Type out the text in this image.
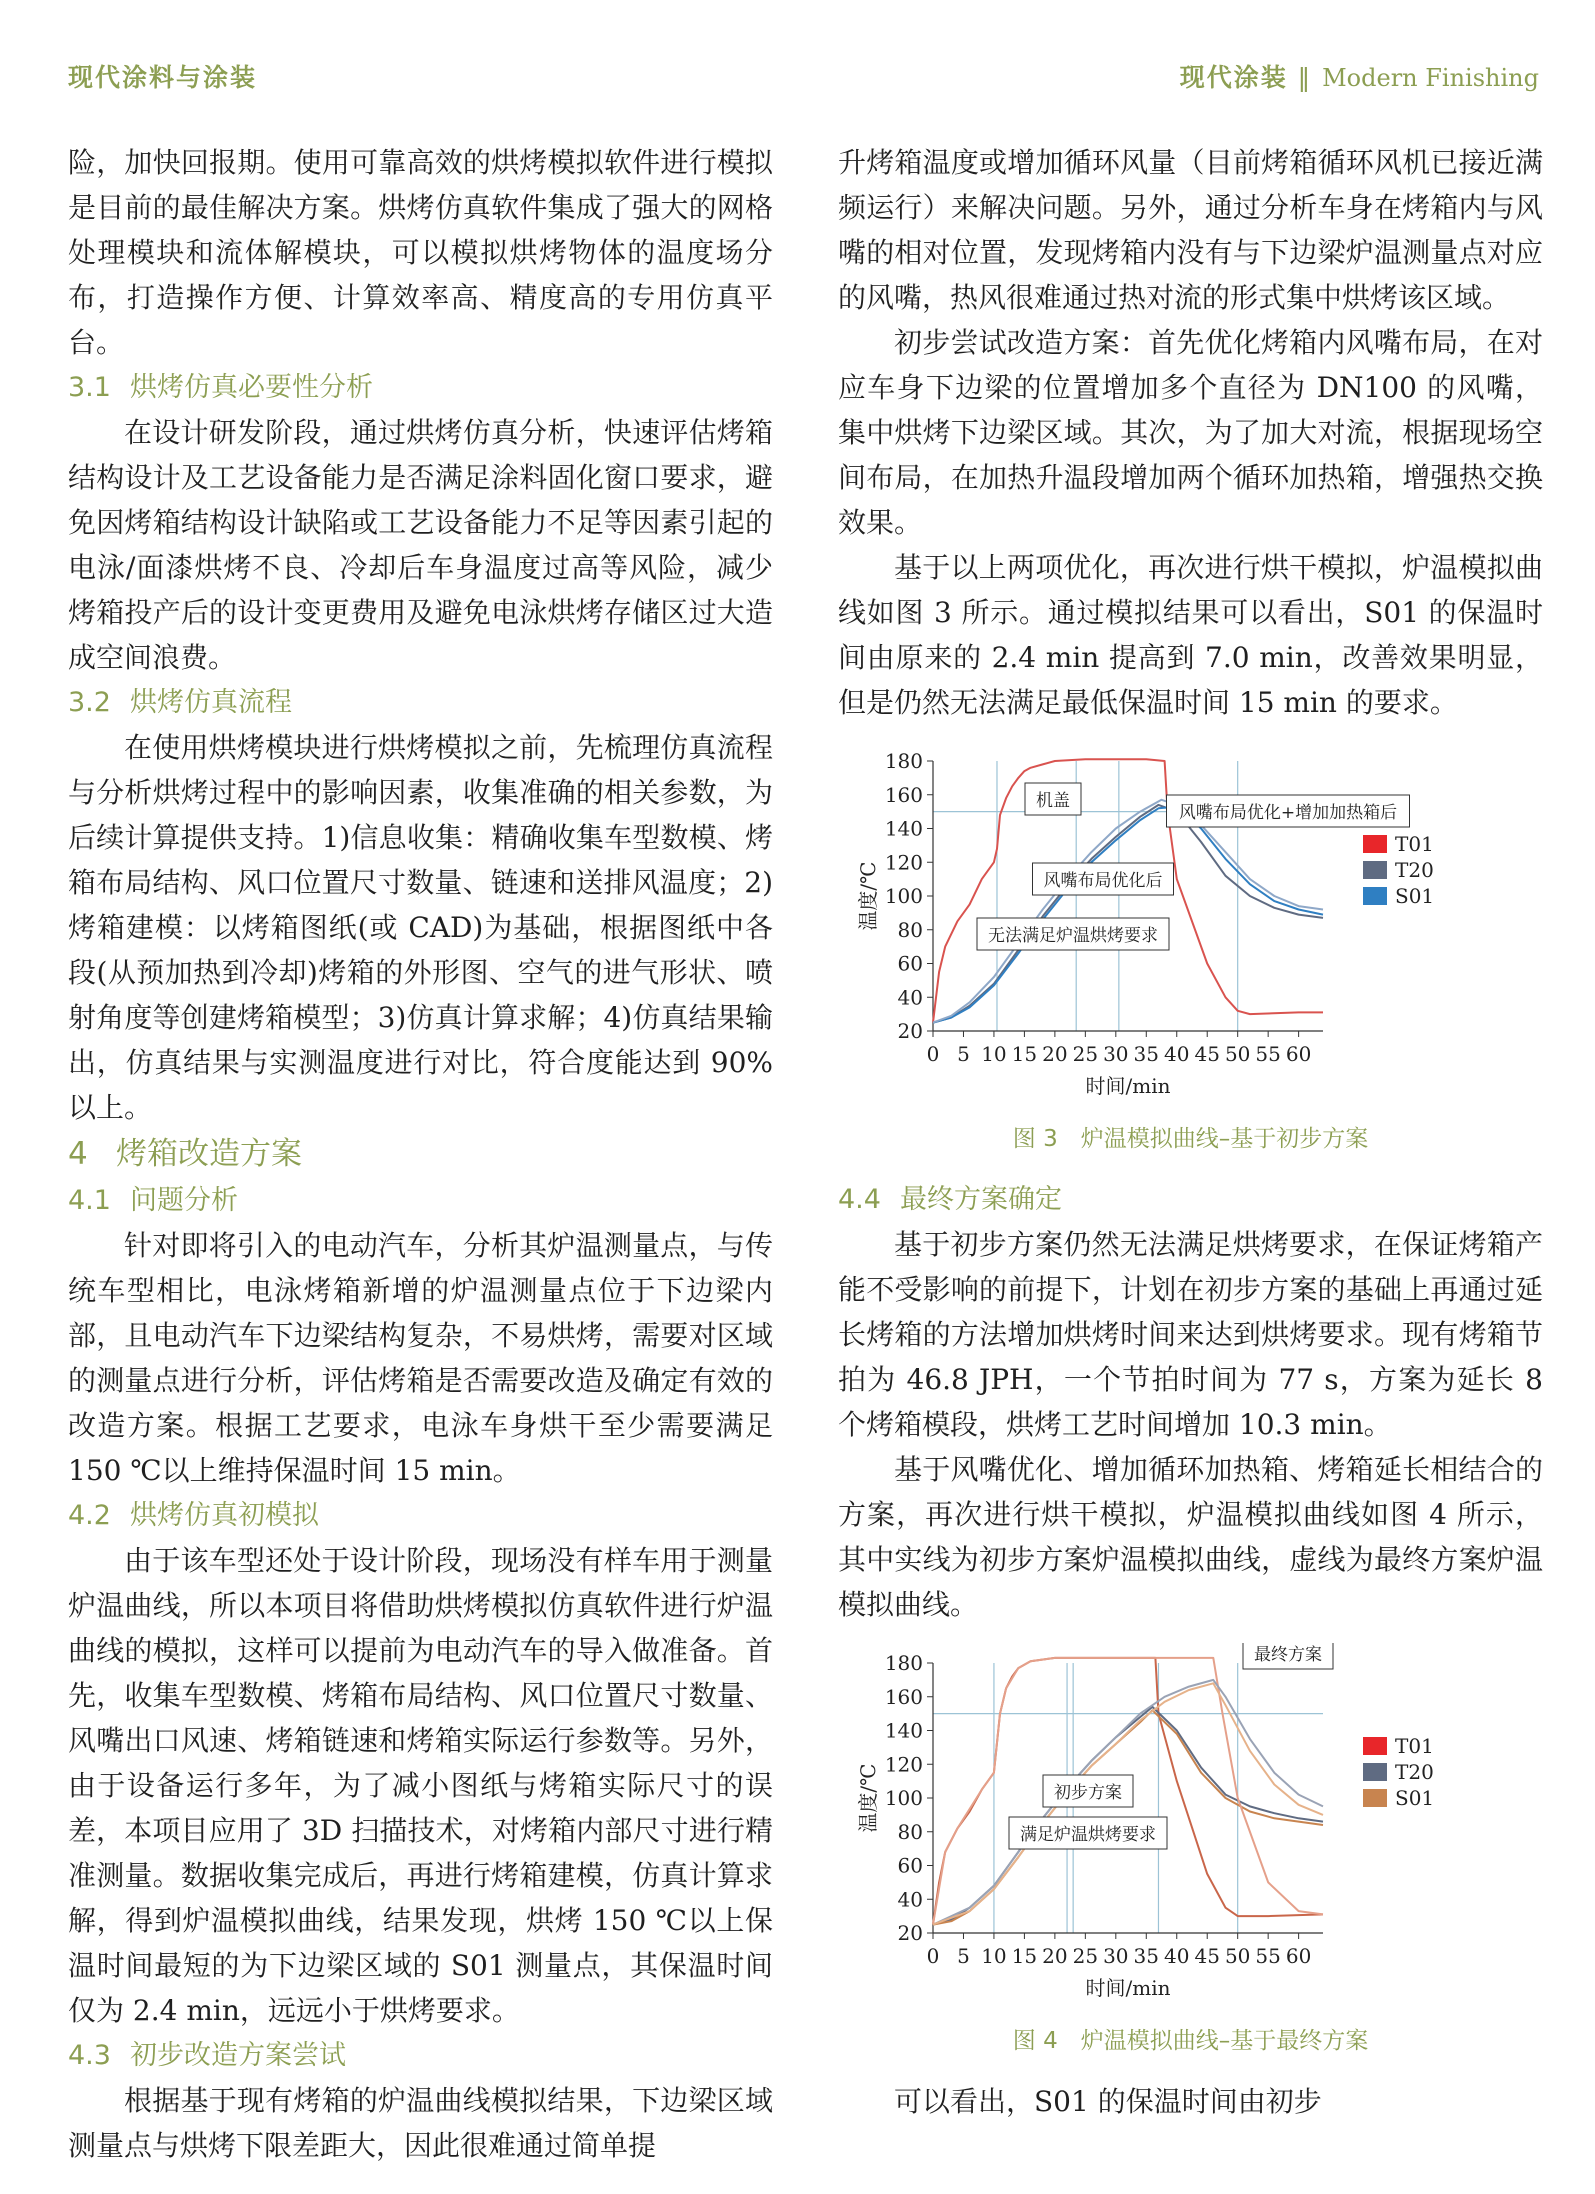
现代涂料与涂装	现代涂装 ‖ Modern Finishing

险，加快回报期。使用可靠高效的烘烤模拟软件进行模拟是目前的最佳解决方案。烘烤仿真软件集成了强大的网格处理模块和流体解模块，可以模拟烘烤物体的温度场分布，打造操作方便、计算效率高、精度高的专用仿真平台。

3.1 烘烤仿真必要性分析

在设计研发阶段，通过烘烤仿真分析，快速评估烤箱结构设计及工艺设备能力是否满足涂料固化窗口要求，避免因烤箱结构设计缺陷或工艺设备能力不足等因素引起的电泳/面漆烘烤不良、冷却后车身温度过高等风险，减少烤箱投产后的设计变更费用及避免电泳烘烤存储区过大造成空间浪费。

3.2 烘烤仿真流程

在使用烘烤模块进行烘烤模拟之前，先梳理仿真流程与分析烘烤过程中的影响因素，收集准确的相关参数，为后续计算提供支持。1)信息收集：精确收集车型数模、烤箱布局结构、风口位置尺寸数量、链速和送排风温度；2)烤箱建模：以烤箱图纸(或 CAD)为基础，根据图纸中各段(从预加热到冷却)烤箱的外形图、空气的进气形状、喷射角度等创建烤箱模型；3)仿真计算求解；4)仿真结果输出，仿真结果与实测温度进行对比，符合度能达到 90%以上。

4 烤箱改造方案
4.1 问题分析

针对即将引入的电动汽车，分析其炉温测量点，与传统车型相比，电泳烤箱新增的炉温测量点位于下边梁内部，且电动汽车下边梁结构复杂，不易烘烤，需要对区域的测量点进行分析，评估烤箱是否需要改造及确定有效的改造方案。根据工艺要求，电泳车身烘干至少需要满足 150 ℃以上维持保温时间 15 min。

4.2 烘烤仿真初模拟

由于该车型还处于设计阶段，现场没有样车用于测量炉温曲线，所以本项目将借助烘烤模拟仿真软件进行炉温曲线的模拟，这样可以提前为电动汽车的导入做准备。首先，收集车型数模、烤箱布局结构、风口位置尺寸数量、风嘴出口风速、烤箱链速和烤箱实际运行参数等。另外，由于设备运行多年，为了减小图纸与烤箱实际尺寸的误差，本项目应用了 3D 扫描技术，对烤箱内部尺寸进行精准测量。数据收集完成后，再进行烤箱建模，仿真计算求解，得到炉温模拟曲线，结果发现，烘烤 150 ℃以上保温时间最短的为下边梁区域的 S01 测量点，其保温时间仅为 2.4 min，远远小于烘烤要求。

4.3 初步改造方案尝试

根据基于现有烤箱的炉温曲线模拟结果，下边梁区域测量点与烘烤下限差距大，因此很难通过简单提

升烤箱温度或增加循环风量（目前烤箱循环风机已接近满频运行）来解决问题。另外，通过分析车身在烤箱内与风嘴的相对位置，发现烤箱内没有与下边梁炉温测量点对应的风嘴，热风很难通过热对流的形式集中烘烤该区域。

初步尝试改造方案：首先优化烤箱内风嘴布局，在对应车身下边梁的位置增加多个直径为 DN100 的风嘴，集中烘烤下边梁区域。其次，为了加大对流，根据现场空间布局，在加热升温段增加两个循环加热箱，增强热交换效果。

基于以上两项优化，再次进行烘干模拟，炉温模拟曲线如图 3 所示。通过模拟结果可以看出，S01 的保温时间由原来的 2.4 min 提高到 7.0 min，改善效果明显，但是仍然无法满足最低保温时间 15 min 的要求。

20
40
60
80
100
120
140
160
180
0 5 10 15 20 25 30 35 40 45 50 55 60
时间/min
温度/℃
T01
T20
S01
机盖
风嘴布局优化+增加加热箱后
风嘴布局优化后
无法满足炉温烘烤要求
图 3　炉温模拟曲线–基于初步方案
4.4 最终方案确定

基于初步方案仍然无法满足烘烤要求，在保证烤箱产能不受影响的前提下，计划在初步方案的基础上再通过延长烤箱的方法增加烘烤时间来达到烘烤要求。现有烤箱节拍为 46.8 JPH，一个节拍时间为 77 s，方案为延长 8 个烤箱模段，烘烤工艺时间增加 10.3 min。

基于风嘴优化、增加循环加热箱、烤箱延长相结合的方案，再次进行烘干模拟，炉温模拟曲线如图 4 所示，其中实线为初步方案炉温模拟曲线，虚线为最终方案炉温模拟曲线。

20
40
60
80
100
120
140
160
180
0 5 10 15 20 25 30 35 40 45 50 55 60
时间/min
温度/℃
T01
T20
S01
最终方案
初步方案
满足炉温烘烤要求
图 4　炉温模拟曲线–基于最终方案

可以看出，S01 的保温时间由初步
